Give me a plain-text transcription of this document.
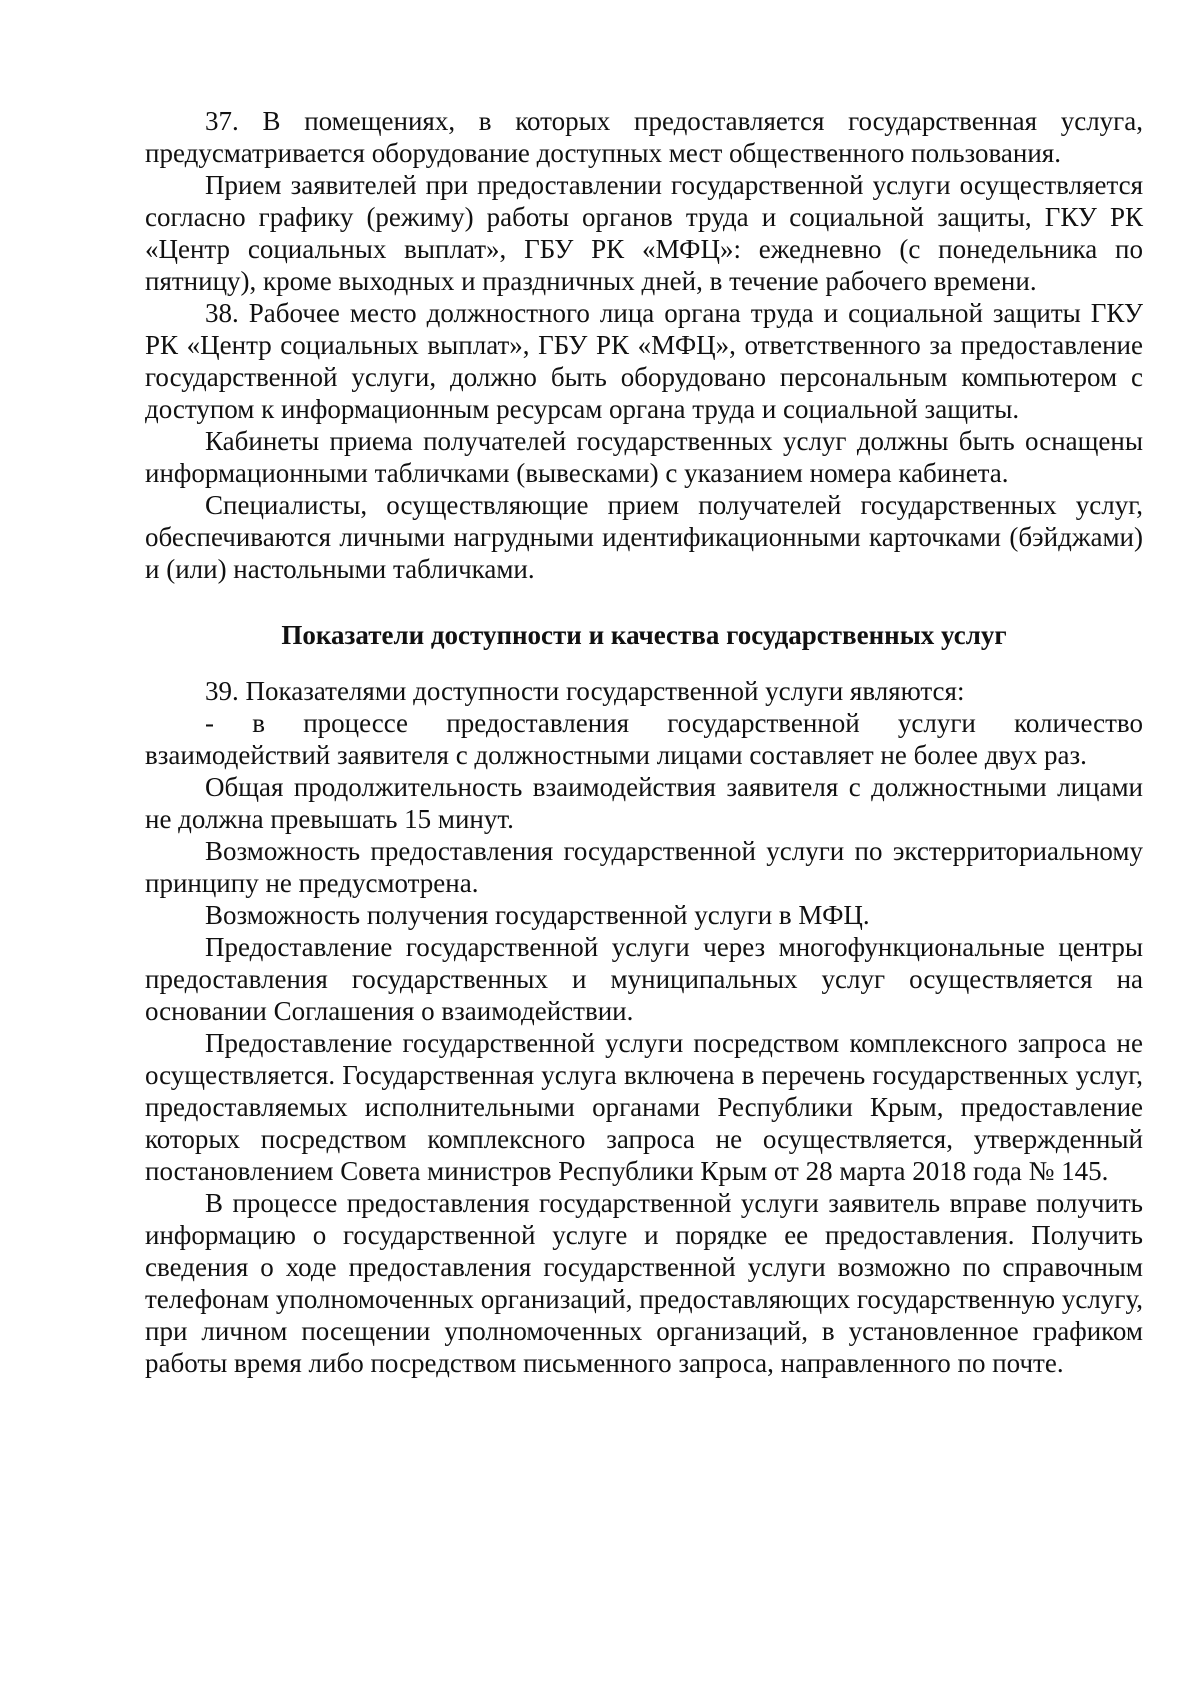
37. В помещениях, в которых предоставляется государственная услуга, предусматривается оборудование доступных мест общественного пользования.

Прием заявителей при предоставлении государственной услуги осуществляется согласно графику (режиму) работы органов труда и социальной защиты, ГКУ РК «Центр социальных выплат», ГБУ РК «МФЦ»: ежедневно (с понедельника по пятницу), кроме выходных и праздничных дней, в течение рабочего времени.

38. Рабочее место должностного лица органа труда и социальной защиты ГКУ РК «Центр социальных выплат», ГБУ РК «МФЦ», ответственного за предоставление государственной услуги, должно быть оборудовано персональным компьютером с доступом к информационным ресурсам органа труда и социальной защиты.

Кабинеты приема получателей государственных услуг должны быть оснащены информационными табличками (вывесками) с указанием номера кабинета.

Специалисты, осуществляющие прием получателей государственных услуг, обеспечиваются личными нагрудными идентификационными карточками (бэйджами) и (или) настольными табличками.

Показатели доступности и качества государственных услуг

39. Показателями доступности государственной услуги являются:

- в процессе предоставления государственной услуги количество взаимодействий заявителя с должностными лицами составляет не более двух раз.

Общая продолжительность взаимодействия заявителя с должностными лицами не должна превышать 15 минут.

Возможность предоставления государственной услуги по экстерриториальному принципу не предусмотрена.

Возможность получения государственной услуги в МФЦ.

Предоставление государственной услуги через многофункциональные центры предоставления государственных и муниципальных услуг осуществляется на основании Соглашения о взаимодействии.

Предоставление государственной услуги посредством комплексного запроса не осуществляется. Государственная услуга включена в перечень государственных услуг, предоставляемых исполнительными органами Республики Крым, предоставление которых посредством комплексного запроса не осуществляется, утвержденный постановлением Совета министров Республики Крым от 28 марта 2018 года № 145.

В процессе предоставления государственной услуги заявитель вправе получить информацию о государственной услуге и порядке ее предоставления. Получить сведения о ходе предоставления государственной услуги возможно по справочным телефонам уполномоченных организаций, предоставляющих государственную услугу, при личном посещении уполномоченных организаций, в установленное графиком работы время либо посредством письменного запроса, направленного по почте.
